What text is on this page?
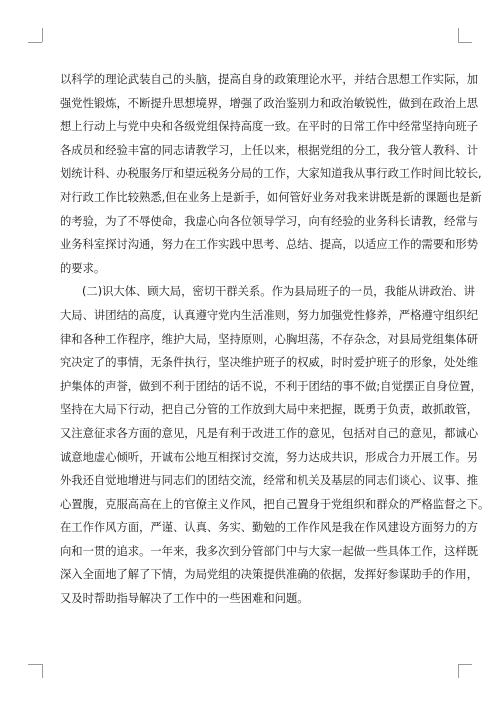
以科学的理论武装自己的头脑，提高自身的政策理论水平，并结合思想工作实际，加
强党性锻炼，不断提升思想境界，增强了政治鉴别力和政治敏锐性，做到在政治上思
想上行动上与党中央和各级党组保持高度一致。在平时的日常工作中经常坚持向班子
各成员和经验丰富的同志请教学习，上任以来，根据党组的分工，我分管人教科、计
划统计科、办税服务厅和望远税务分局的工作，大家知道我从事行政工作时间比较长,
对行政工作比较熟悉,但在业务上是新手，如何管好业务对我来讲既是新的课题也是新
的考验，为了不辱使命，我虚心向各位领导学习，向有经验的业务科长请教，经常与
业务科室探讨沟通，努力在工作实践中思考、总结、提高，以适应工作的需要和形势
的要求。
(二)识大体、顾大局，密切干群关系。作为县局班子的一员，我能从讲政治、讲
大局、讲团结的高度，认真遵守党内生活准则，努力加强党性修养，严格遵守组织纪
律和各种工作程序，维护大局，坚持原则，心胸坦荡，不存杂念，对县局党组集体研
究决定了的事情，无条件执行，坚决维护班子的权威，时时爱护班子的形象，处处维
护集体的声誉，做到不利于团结的话不说，不利于团结的事不做;自觉摆正自身位置，
坚持在大局下行动，把自己分管的工作放到大局中来把握，既勇于负责，敢抓敢管，
又注意征求各方面的意见，凡是有利于改进工作的意见，包括对自己的意见，都诚心
诚意地虚心倾听，开诚布公地互相探讨交流，努力达成共识，形成合力开展工作。另
外我还自觉地增进与同志们的团结交流，经常和机关及基层的同志们谈心、议事、推
心置腹，克服高高在上的官僚主义作风，把自己置身于党组织和群众的严格监督之下。
在工作作风方面，严谨、认真、务实、勤勉的工作作风是我在作风建设方面努力的方
向和一贯的追求。一年来，我多次到分管部门中与大家一起做一些具体工作，这样既
深入全面地了解了下情，为局党组的决策提供准确的依据，发挥好参谋助手的作用，
又及时帮助指导解决了工作中的一些困难和问题。
